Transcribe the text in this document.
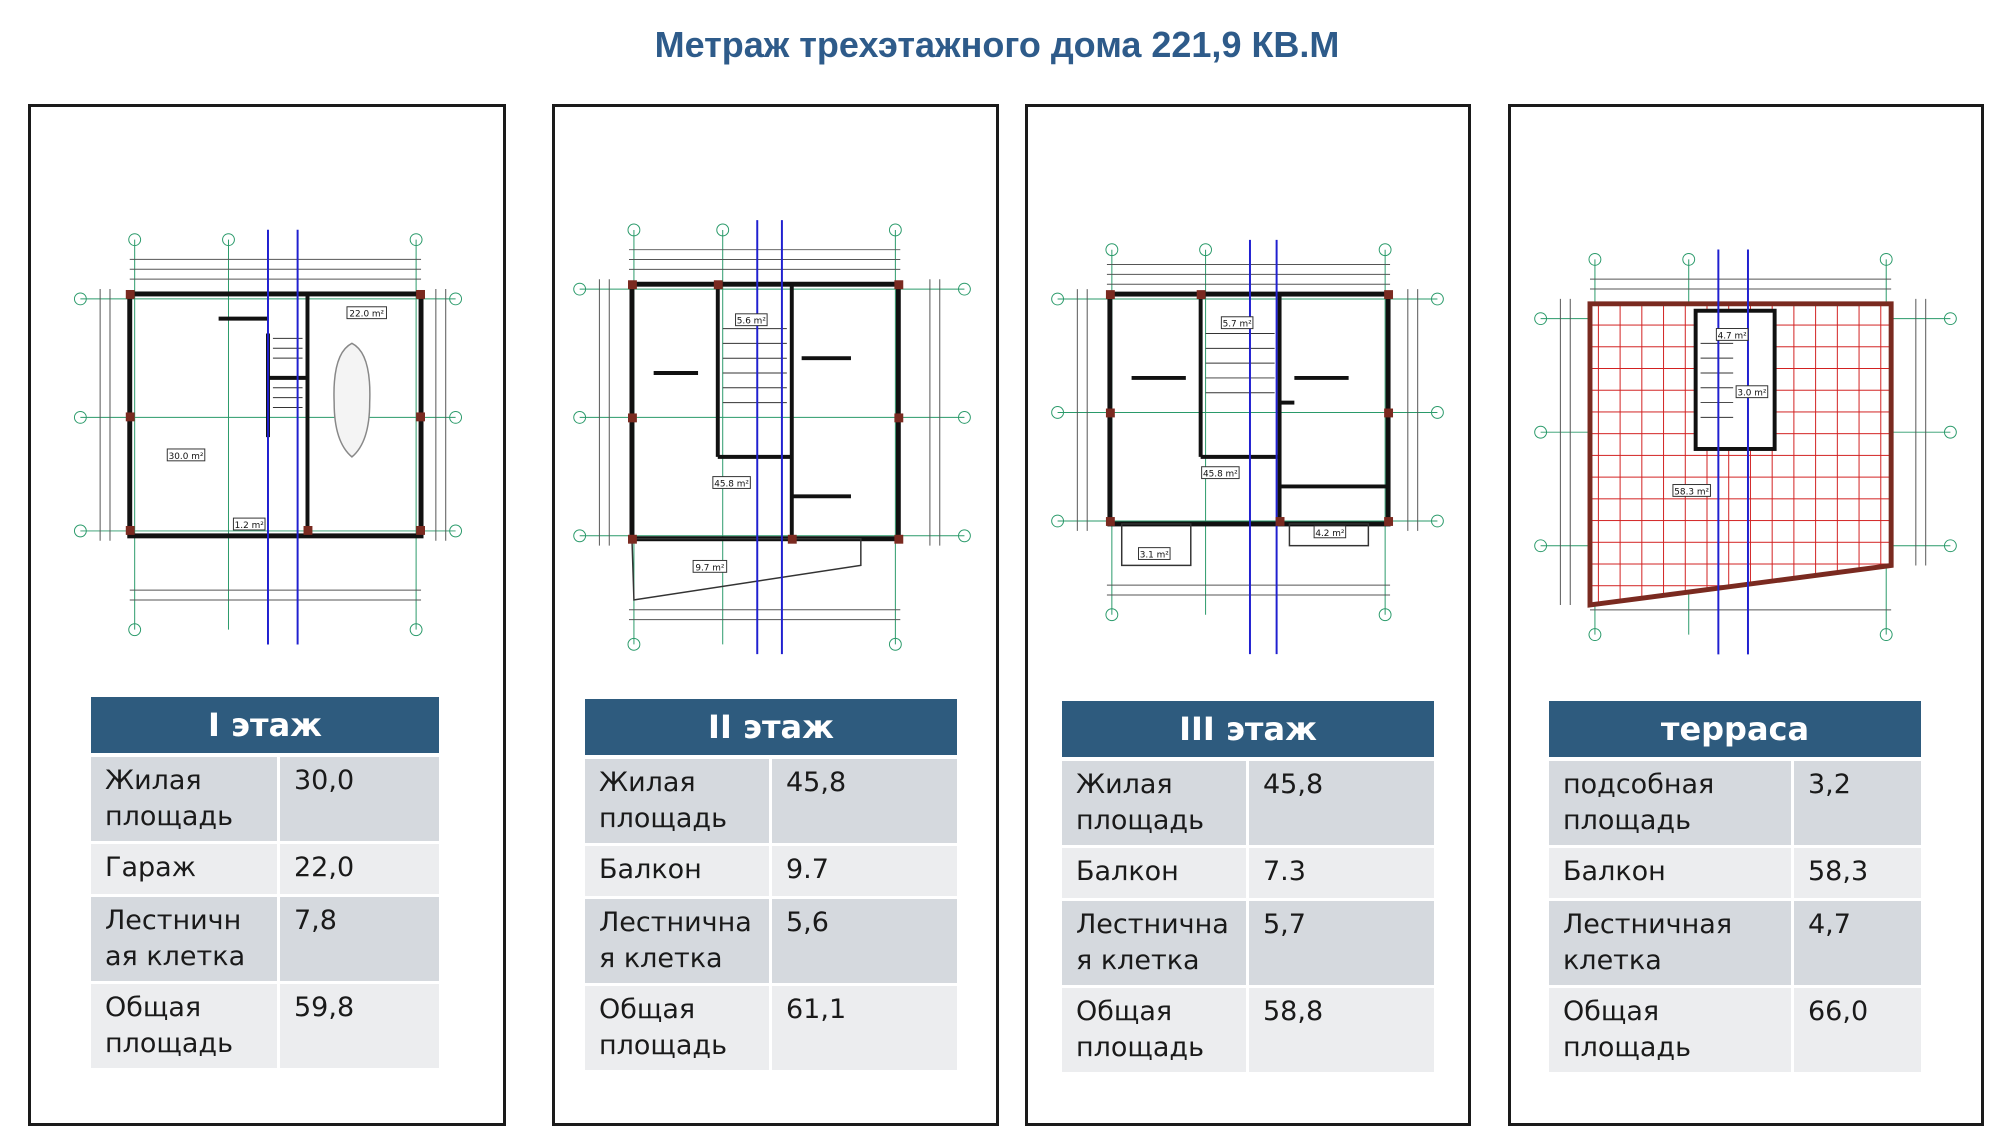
Метраж трехэтажного дома 221,9 КВ.М
30.0 m²
22.0 m²
1.2 m²
I этаж	
Жилая площадь	30,0
Гараж	22,0
Лестничн ая клетка	7,8
Общая площадь	59,8
5.6 m²
45.8 m²
9.7 m²
II этаж	
Жилая площадь	45,8
Балкон	9.7
Лестнична я клетка	5,6
Общая площадь	61,1
5.7 m²
45.8 m²
4.2 m²
3.1 m²
III этаж	
Жилая площадь	45,8
Балкон	7.3
Лестнична я клетка	5,7
Общая площадь	58,8
4.7 m²
3.0 m²
58.3 m²
терраса	
подсобная площадь	3,2
Балкон	58,3
Лестничная клетка	4,7
Общая площадь	66,0
